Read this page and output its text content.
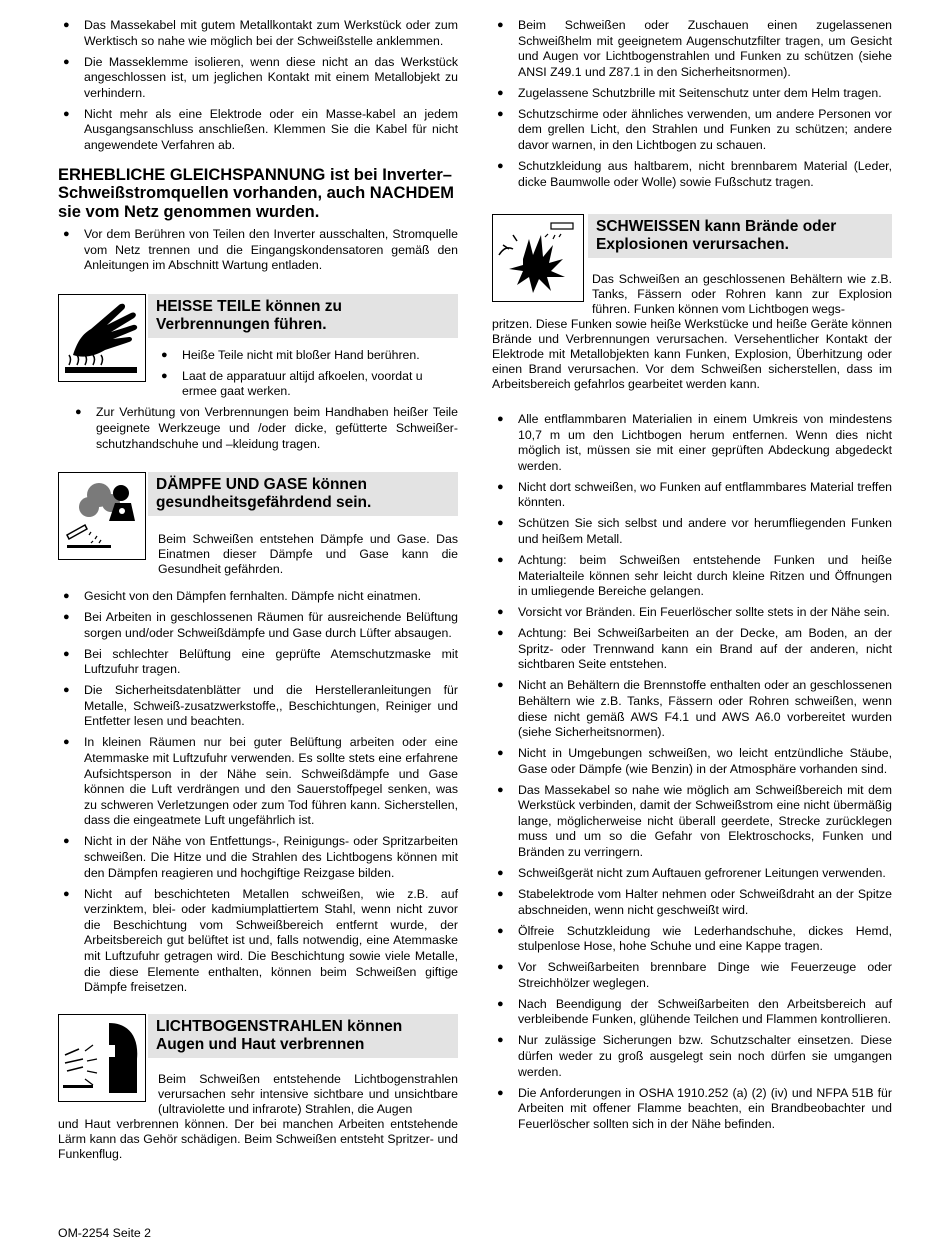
● Das Massekabel mit gutem Metallkontakt zum Werkstück oder zum Werktisch so nahe wie möglich bei der Schweißstelle anklemmen.
● Die Masseklemme isolieren, wenn diese nicht an das Werkstück angeschlossen ist, um jeglichen Kontakt mit einem Metallobjekt zu verhindern.
● Nicht mehr als eine Elektrode oder ein Masse-kabel an jedem Ausgangsanschluss anschließen. Klemmen Sie die Kabel für nicht angewendete Verfahren ab.
ERHEBLICHE GLEICHSPANNUNG ist bei Inverter–Schweißstromquellen vorhanden, auch NACHDEM sie vom Netz genommen wurden.
● Vor dem Berühren von Teilen den Inverter ausschalten, Stromquelle vom Netz trennen und die Eingangskondensatoren gemäß den Anleitungen im Abschnitt Wartung entladen.
HEISSE TEILE können zu Verbrennungen führen.
● Heiße Teile nicht mit bloßer Hand berühren.
● Laat de apparatuur altijd afkoelen, voordat u ermee gaat werken.
● Zur Verhütung von Verbrennungen beim Handhaben heißer Teile geeignete Werkzeuge und /oder dicke, gefütterte Schweißer-schutzhandschuhe und –kleidung tragen.
DÄMPFE UND GASE können gesundheitsgefährdend sein.
Beim Schweißen entstehen Dämpfe und Gase. Das Einatmen dieser Dämpfe und Gase kann die Gesundheit gefährden.
● Gesicht von den Dämpfen fernhalten. Dämpfe nicht einatmen.
● Bei Arbeiten in geschlossenen Räumen für ausreichende Belüftung sorgen und/oder Schweißdämpfe und Gase durch Lüfter absaugen.
● Bei schlechter Belüftung eine geprüfte Atemschutzmaske mit Luftzufuhr tragen.
● Die Sicherheitsdatenblätter und die Herstelleranleitungen für Metalle, Schweiß-zusatzwerkstoffe,, Beschichtungen, Reiniger und Entfetter lesen und beachten.
● In kleinen Räumen nur bei guter Belüftung arbeiten oder eine Atemmaske mit Luftzufuhr verwenden. Es sollte stets eine erfahrene Aufsichtsperson in der Nähe sein. Schweißdämpfe und Gase können die Luft verdrängen und den Sauerstoffpegel senken, was zu schweren Verletzungen oder zum Tod führen kann. Sicherstellen, dass die eingeatmete Luft ungefährlich ist.
● Nicht in der Nähe von Entfettungs-, Reinigungs- oder Spritzarbeiten schweißen. Die Hitze und die Strahlen des Lichtbogens können mit den Dämpfen reagieren und hochgiftige Reizgase bilden.
● Nicht auf beschichteten Metallen schweißen, wie z.B. auf verzinktem, blei- oder kadmiumplattiertem Stahl, wenn nicht zuvor die Beschichtung vom Schweißbereich entfernt wurde, der Arbeitsbereich gut belüftet ist und, falls notwendig, eine Atemmaske mit Luftzufuhr getragen wird. Die Beschichtung sowie viele Metalle, die diese Elemente enthalten, können beim Schweißen giftige Dämpfe freisetzen.
LICHTBOGENSTRAHLEN können Augen und Haut verbrennen
Beim Schweißen entstehende Lichtbogenstrahlen verursachen sehr intensive sichtbare und unsichtbare (ultraviolette und infrarote) Strahlen, die Augen
und Haut verbrennen können. Der bei manchen Arbeiten entstehende Lärm kann das Gehör schädigen. Beim Schweißen entsteht Spritzer- und Funkenflug.
● Beim Schweißen oder Zuschauen einen zugelassenen Schweißhelm mit geeignetem Augenschutzfilter tragen, um Gesicht und Augen vor Lichtbogenstrahlen und Funken zu schützen (siehe ANSI Z49.1 und Z87.1 in den Sicherheitsnormen).
● Zugelassene Schutzbrille mit Seitenschutz unter dem Helm tragen.
● Schutzschirme oder ähnliches verwenden, um andere Personen vor dem grellen Licht, den Strahlen und Funken zu schützen; andere davor warnen, in den Lichtbogen zu schauen.
● Schutzkleidung aus haltbarem, nicht brennbarem Material (Leder, dicke Baumwolle oder Wolle) sowie Fußschutz tragen.
SCHWEISSEN kann Brände oder Explosionen verursachen.
Das Schweißen an geschlossenen Behältern wie z.B. Tanks, Fässern oder Rohren kann zur Explosion führen. Funken können vom Lichtbogen wegs-
pritzen. Diese Funken sowie heiße Werkstücke und heiße Geräte können Brände und Verbrennungen verursachen. Versehentlicher Kontakt der Elektrode mit Metallobjekten kann Funken, Explosion, Überhitzung oder einen Brand verursachen. Vor dem Schweißen sicherstellen, dass im Arbeitsbereich gefahrlos gearbeitet werden kann.
● Alle entflammbaren Materialien in einem Umkreis von mindestens 10,7 m um den Lichtbogen herum entfernen. Wenn dies nicht möglich ist, müssen sie mit einer geprüften Abdeckung abgedeckt werden.
● Nicht dort schweißen, wo Funken auf entflammbares Material treffen könnten.
● Schützen Sie sich selbst und andere vor herumfliegenden Funken und heißem Metall.
● Achtung: beim Schweißen entstehende Funken und heiße Materialteile können sehr leicht durch kleine Ritzen und Öffnungen in umliegende Bereiche gelangen.
● Vorsicht vor Bränden. Ein Feuerlöscher sollte stets in der Nähe sein.
● Achtung: Bei Schweißarbeiten an der Decke, am Boden, an der Spritz- oder Trennwand kann ein Brand auf der anderen, nicht sichtbaren Seite entstehen.
● Nicht an Behältern die Brennstoffe enthalten oder an geschlossenen Behältern wie z.B. Tanks, Fässern oder Rohren schweißen, wenn diese nicht gemäß AWS F4.1 und AWS A6.0 vorbereitet wurden (siehe Sicherheitsnormen).
● Nicht in Umgebungen schweißen, wo leicht entzündliche Stäube, Gase oder Dämpfe (wie Benzin) in der Atmosphäre vorhanden sind.
● Das Massekabel so nahe wie möglich am Schweißbereich mit dem Werkstück verbinden, damit der Schweißstrom eine nicht übermäßig lange, möglicherweise nicht überall geerdete, Strecke zurücklegen muss und um so die Gefahr von Elektroschocks, Funken und Bränden zu verringern.
● Schweißgerät nicht zum Auftauen gefrorener Leitungen verwenden.
● Stabelektrode vom Halter nehmen oder Schweißdraht an der Spitze abschneiden, wenn nicht geschweißt wird.
● Ölfreie Schutzkleidung wie Lederhandschuhe, dickes Hemd, stulpenlose Hose, hohe Schuhe und eine Kappe tragen.
● Vor Schweißarbeiten brennbare Dinge wie Feuerzeuge oder Streichhölzer weglegen.
● Nach Beendigung der Schweißarbeiten den Arbeitsbereich auf verbleibende Funken, glühende Teilchen und Flammen kontrollieren.
● Nur zulässige Sicherungen bzw. Schutzschalter einsetzen. Diese dürfen weder zu groß ausgelegt sein noch dürfen sie umgangen werden.
● Die Anforderungen in OSHA 1910.252 (a) (2) (iv) und NFPA 51B für Arbeiten mit offener Flamme beachten, ein Brandbeobachter und Feuerlöscher sollten sich in der Nähe befinden.
OM-2254 Seite 2
